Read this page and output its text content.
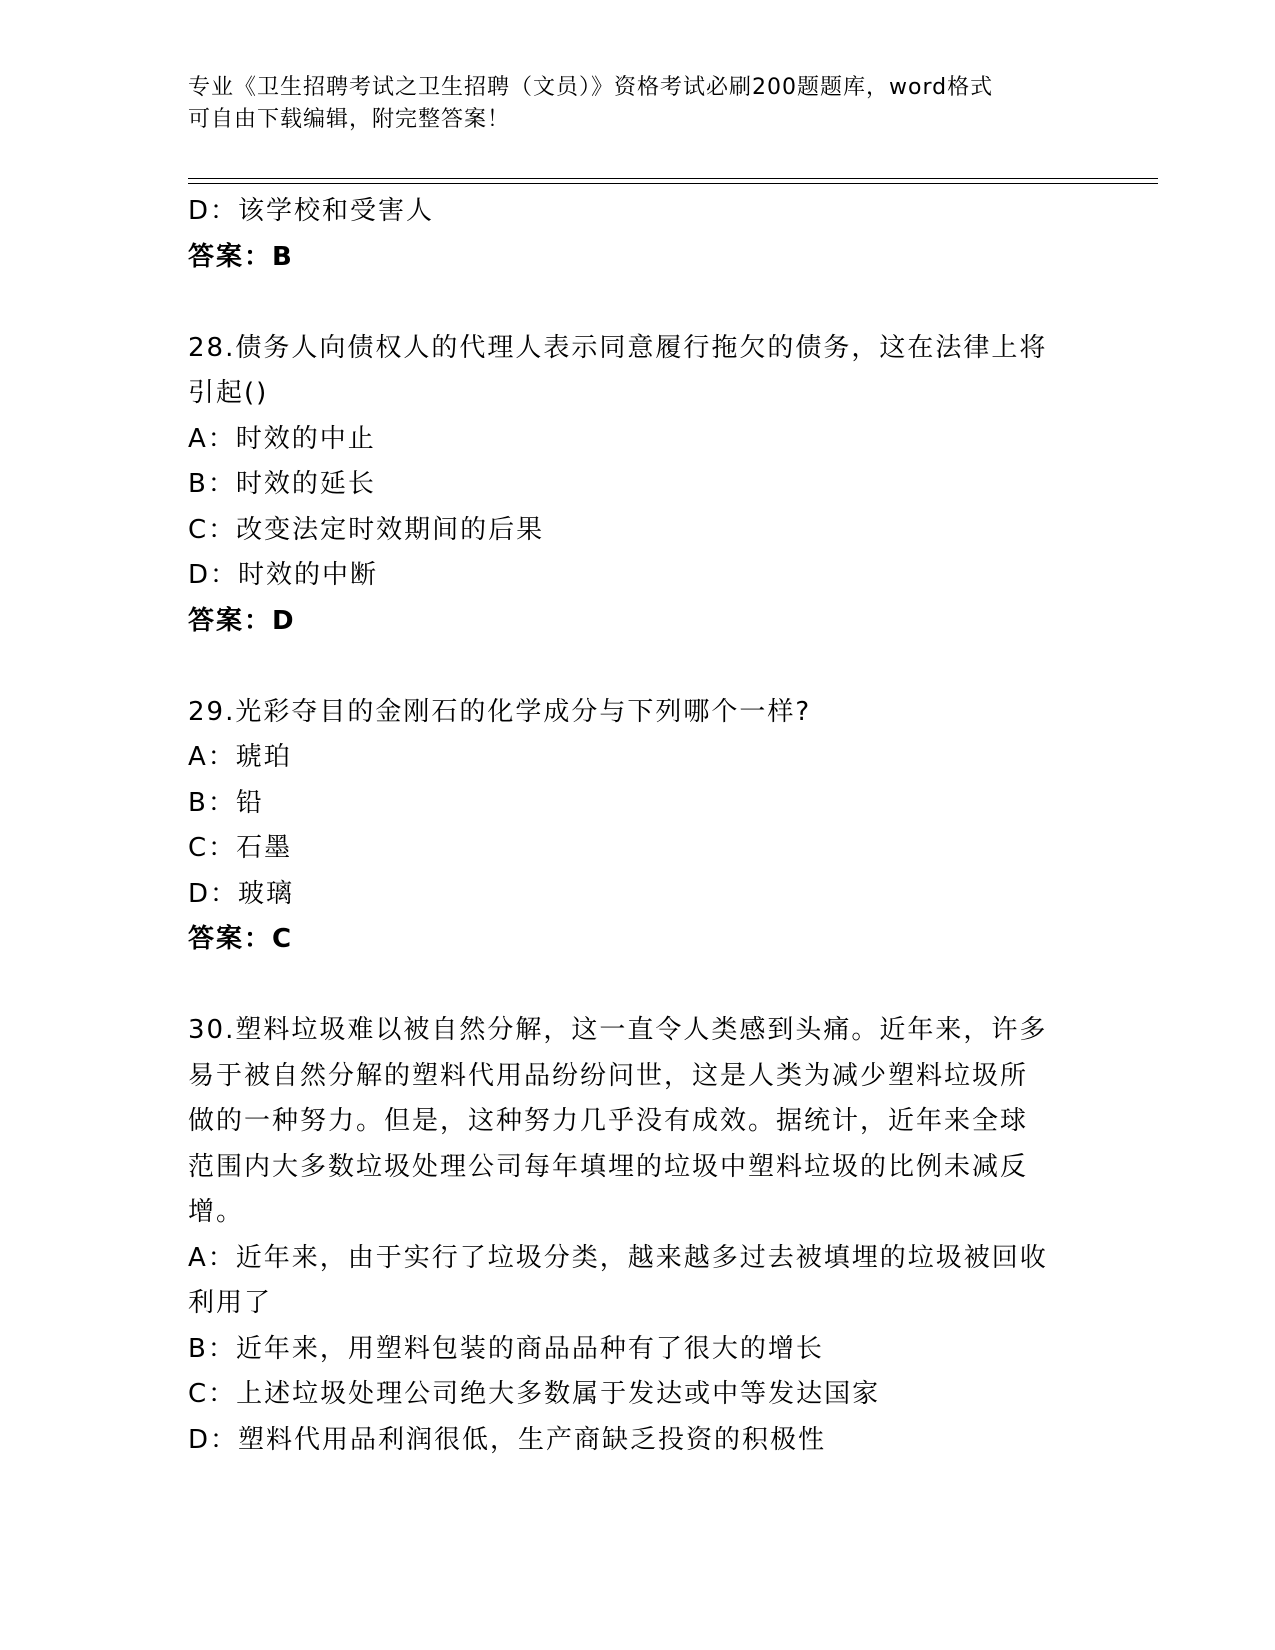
专业《卫生招聘考试之卫生招聘（文员）》资格考试必刷200题题库，word格式
可自由下载编辑，附完整答案！
D：该学校和受害人
答案：B
28.债务人向债权人的代理人表示同意履行拖欠的债务，这在法律上将
引起()
A：时效的中止
B：时效的延长
C：改变法定时效期间的后果
D：时效的中断
答案：D
29.光彩夺目的金刚石的化学成分与下列哪个一样?
A：琥珀
B：铅
C：石墨
D：玻璃
答案：C
30.塑料垃圾难以被自然分解，这一直令人类感到头痛。近年来，许多
易于被自然分解的塑料代用品纷纷问世，这是人类为减少塑料垃圾所
做的一种努力。但是，这种努力几乎没有成效。据统计，近年来全球
范围内大多数垃圾处理公司每年填埋的垃圾中塑料垃圾的比例未减反
增。
A：近年来，由于实行了垃圾分类，越来越多过去被填埋的垃圾被回收
利用了
B：近年来，用塑料包装的商品品种有了很大的增长
C：上述垃圾处理公司绝大多数属于发达或中等发达国家
D：塑料代用品利润很低，生产商缺乏投资的积极性
